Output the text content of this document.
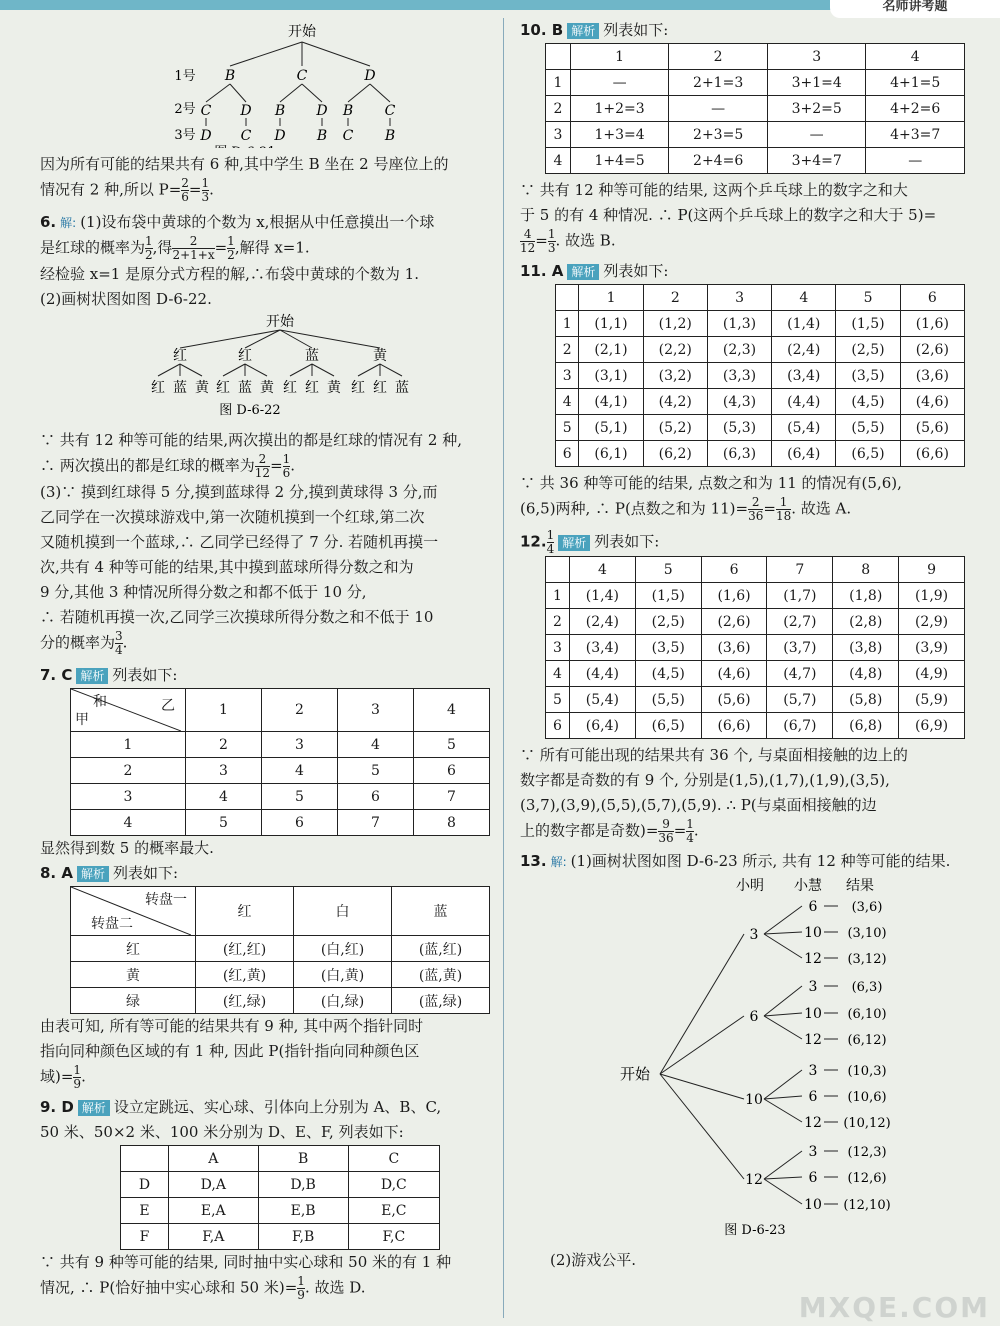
名师讲考题
开始
1号
2号
3号
B	C	D
C
D
D
C
B
D
D
B
B
C
C
B

因为所有可能的结果共有 6 种,其中学生 B 坐在 2 号座位上的

情况有 2 种,所以 $P= \frac{2}{6} = \frac{1}{3}$ .

6. 解: (1)设布袋中黄球的个数为 x,根据从中任意摸出一个球

是红球的概率为 $\frac{1}{2}$ ,得 $\frac{2}{2+1+x} = \frac{1}{2}$ ,解得 x=1.

经检验 x=1 是原分式方程的解,∴布袋中黄球的个数为 1.

(2)画树状图如图 D-6-22.

开始
红	红	蓝	黄
红 蓝 黄 红 蓝 黄 红 红 黄 红 红 蓝
图 D-6-22

∵ 共有 12 种等可能的结果,两次摸出的都是红球的情况有 2 种,

∴ 两次摸出的都是红球的概率为 $\frac{2}{12} = \frac{1}{6}$ .

(3)∵ 摸到红球得 5 分,摸到蓝球得 2 分,摸到黄球得 3 分,而

乙同学在一次摸球游戏中,第一次随机摸到一个红球,第二次

又随机摸到一个蓝球,∴ 乙同学已经得了 7 分. 若随机再摸一

次,共有 4 种等可能的结果,其中摸到蓝球所得分数之和为

9 分,其他 3 种情况所得分数之和都不低于 10 分,

∴ 若随机再摸一次,乙同学三次摸球所得分数之和不低于 10

分的概率为 $\frac{3}{4}$ .

7. C 解析 列表如下:

和 乙
甲	1	2	3	4
1	2	3	4	5
2	3	4	5	6
3	4	5	6	7
4	5	6	7	8

显然得到数 5 的概率最大.

8. A 解析 列表如下:

转盘一
转盘二	红	白	蓝
红	(红,红)	(白,红)	(蓝,红)
黄	(红,黄)	(白,黄)	(蓝,黄)
绿	(红,绿)	(白,绿)	(蓝,绿)

由表可知, 所有等可能的结果共有 9 种, 其中两个指针同时

指向同种颜色区域的有 1 种, 因此 P(指针指向同种颜色区

域)= $\frac{1}{9}$ .

9. D 解析 设立定跳远、实心球、引体向上分别为 A、B、C,

50 米、50×2 米、100 米分别为 D、E、F, 列表如下:

	A	B	C
D	D,A	D,B	D,C
E	E,A	E,B	E,C
F	F,A	F,B	F,C

∵ 共有 9 种等可能的结果, 同时抽中实心球和 50 米的有 1 种

情况, ∴ P(恰好抽中实心球和 50 米)= $\frac{1}{9}$ . 故选 D.

10. B 解析 列表如下:

	1	2	3	4
1	—	2+1=3	3+1=4	4+1=5
2	1+2=3	—	3+2=5	4+2=6
3	1+3=4	2+3=5	—	4+3=7
4	1+4=5	2+4=6	3+4=7	—

∵ 共有 12 种等可能的结果, 这两个乒乓球上的数字之和大

于 5 的有 4 种情况. ∴ P(这两个乒乓球上的数字之和大于 5)=

$\frac{4}{12} = \frac{1}{3}$ . 故选 B.

11. A 解析 列表如下:

	1	2	3	4	5	6
1	(1,1)	(1,2)	(1,3)	(1,4)	(1,5)	(1,6)
2	(2,1)	(2,2)	(2,3)	(2,4)	(2,5)	(2,6)
3	(3,1)	(3,2)	(3,3)	(3,4)	(3,5)	(3,6)
4	(4,1)	(4,2)	(4,3)	(4,4)	(4,5)	(4,6)
5	(5,1)	(5,2)	(5,3)	(5,4)	(5,5)	(5,6)
6	(6,1)	(6,2)	(6,3)	(6,4)	(6,5)	(6,6)

∵ 共 36 种等可能的结果, 点数之和为 11 的情况有(5,6),

(6,5)两种, ∴ P(点数之和为 $11)= \frac{2}{36} = \frac{1}{18}$ . 故选 A.

12. $\frac{1}{4}$ 解析 列表如下:

	4	5	6	7	8	9
1	(1,4)	(1,5)	(1,6)	(1,7)	(1,8)	(1,9)
2	(2,4)	(2,5)	(2,6)	(2,7)	(2,8)	(2,9)
3	(3,4)	(3,5)	(3,6)	(3,7)	(3,8)	(3,9)
4	(4,4)	(4,5)	(4,6)	(4,7)	(4,8)	(4,9)
5	(5,4)	(5,5)	(5,6)	(5,7)	(5,8)	(5,9)
6	(6,4)	(6,5)	(6,6)	(6,7)	(6,8)	(6,9)

∵ 所有可能出现的结果共有 36 个, 与桌面相接触的边上的

数字都是奇数的有 9 个, 分别是(1,5),(1,7),(1,9),(3,5),

(3,7),(3,9),(5,5),(5,7),(5,9). ∴ P(与桌面相接触的边

上的数字都是奇数)= $\frac{9}{36} = \frac{1}{4}$ .

13. 解: (1)画树状图如图 D-6-23 所示, 共有 12 种等可能的结果.

小明 小慧 结果
开始
3
6	(3,6)
10 (3,10)
12 (3,12)
6
3	(6,3)
10 (6,10)
12 (6,12)
10
3 (10,3)
6 (10,6)
12 (10,12)
12
3 (12,3)
6 (12,6)
10 (12,10)
图 D-6-23

(2)游戏公平.

MXQE.COM
